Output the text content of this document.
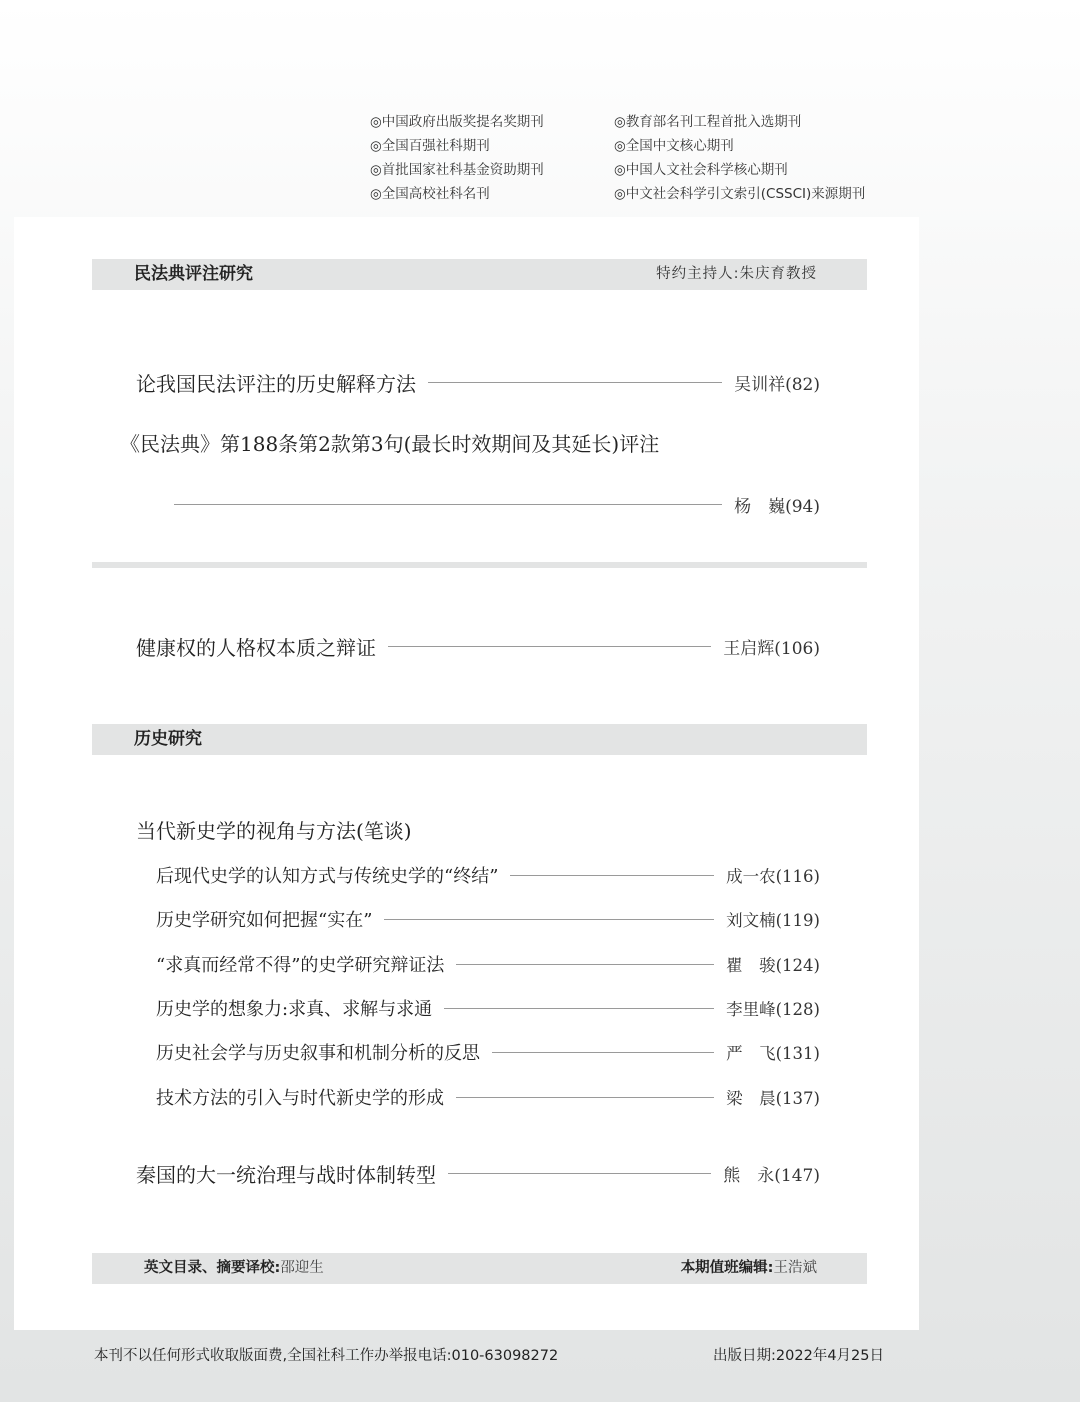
◎中国政府出版奖提名奖期刊	◎教育部名刊工程首批入选期刊
◎全国百强社科期刊	◎全国中文核心期刊
◎首批国家社科基金资助期刊	◎中国人文社会科学核心期刊
◎全国高校社科名刊	◎中文社会科学引文索引(CSSCI)来源期刊
民法典评注研究	特约主持人:朱庆育教授
论我国民法评注的历史解释方法	吴训祥(82)
《民法典》第188条第2款第3句(最长时效期间及其延长)评注
杨　巍(94)
健康权的人格权本质之辩证	王启辉(106)
历史研究
当代新史学的视角与方法(笔谈)
后现代史学的认知方式与传统史学的“终结”	成一农(116)
历史学研究如何把握“实在”	刘文楠(119)
“求真而经常不得”的史学研究辩证法	瞿　骏(124)
历史学的想象力:求真、求解与求通	李里峰(128)
历史社会学与历史叙事和机制分析的反思	严　飞(131)
技术方法的引入与时代新史学的形成	梁　晨(137)
秦国的大一统治理与战时体制转型	熊　永(147)
英文目录、摘要译校:邵迎生	本期值班编辑:王浩斌
本刊不以任何形式收取版面费,全国社科工作办举报电话:010-63098272	出版日期:2022年4月25日
